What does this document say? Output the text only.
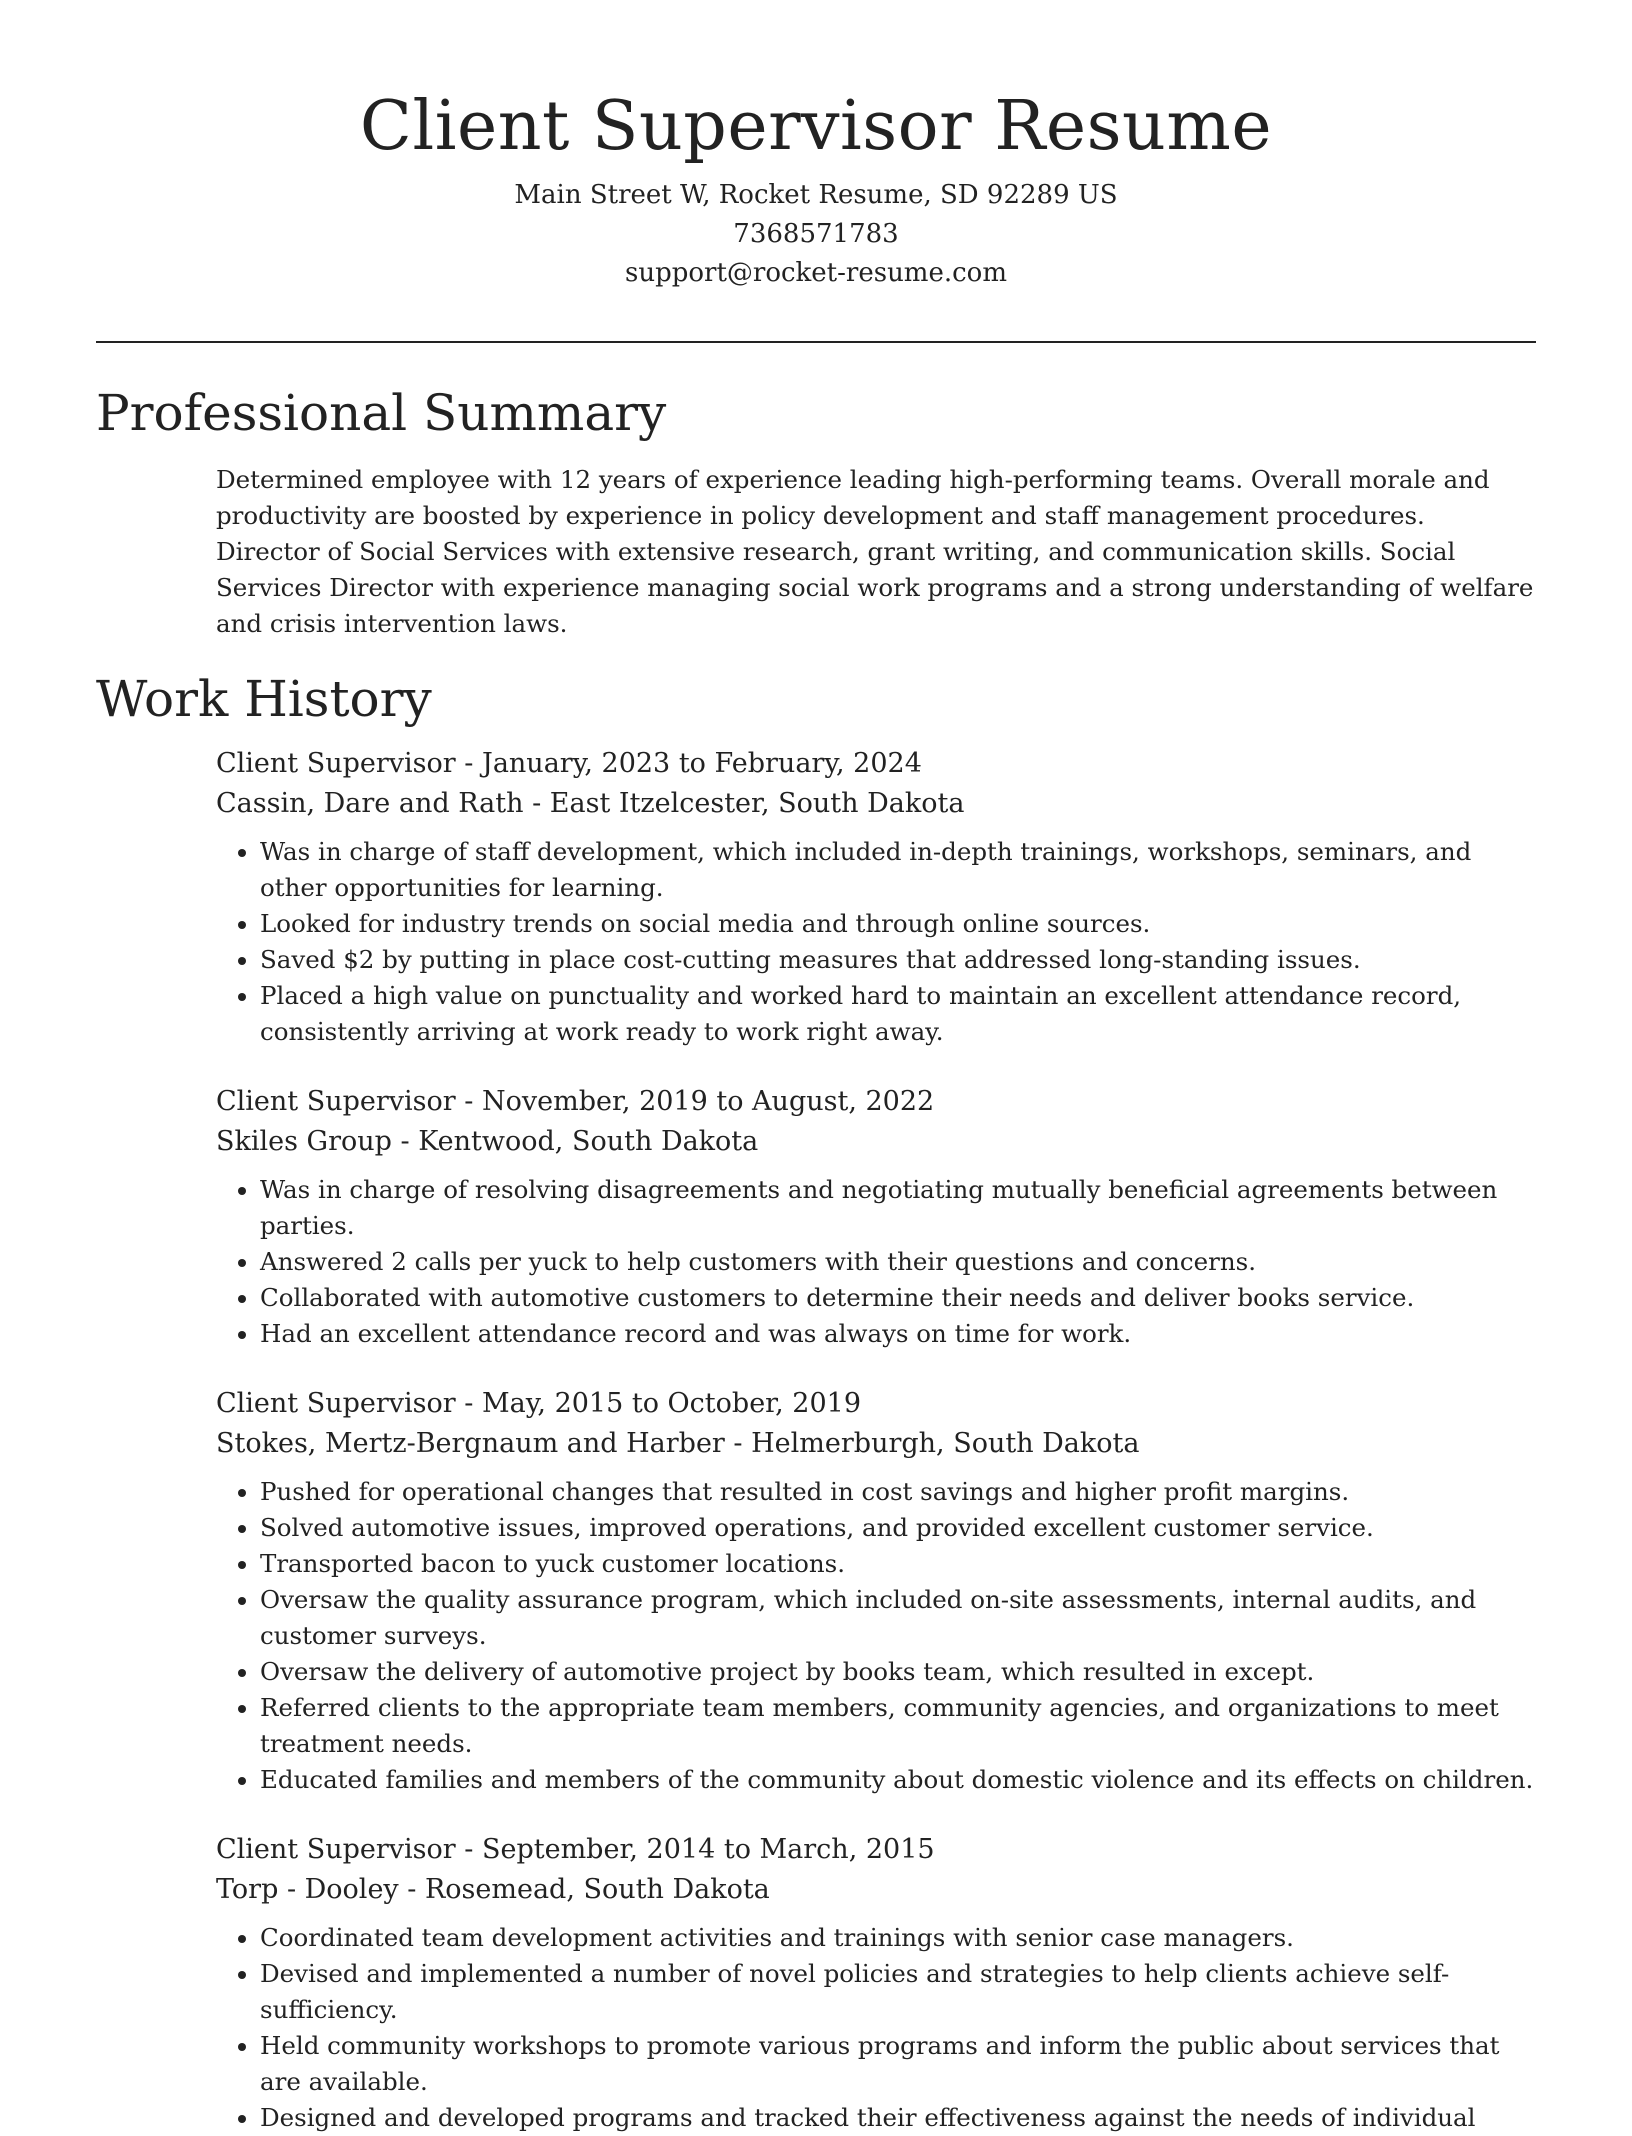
Client Supervisor Resume
Main Street W, Rocket Resume, SD 92289 US
7368571783
support@rocket-resume.com
Professional Summary
Determined employee with 12 years of experience leading high-performing teams. Overall morale and productivity are boosted by experience in policy development and staff management procedures. Director of Social Services with extensive research, grant writing, and communication skills. Social Services Director with experience managing social work programs and a strong understanding of welfare and crisis intervention laws.
Work History
Client Supervisor - January, 2023 to February, 2024
Cassin, Dare and Rath - East Itzelcester, South Dakota
• Was in charge of staff development, which included in-depth trainings, workshops, seminars, and other opportunities for learning.
• Looked for industry trends on social media and through online sources.
• Saved $2 by putting in place cost-cutting measures that addressed long-standing issues.
• Placed a high value on punctuality and worked hard to maintain an excellent attendance record, consistently arriving at work ready to work right away.
Client Supervisor - November, 2019 to August, 2022
Skiles Group - Kentwood, South Dakota
• Was in charge of resolving disagreements and negotiating mutually beneficial agreements between parties.
• Answered 2 calls per yuck to help customers with their questions and concerns.
• Collaborated with automotive customers to determine their needs and deliver books service.
• Had an excellent attendance record and was always on time for work.
Client Supervisor - May, 2015 to October, 2019
Stokes, Mertz-Bergnaum and Harber - Helmerburgh, South Dakota
• Pushed for operational changes that resulted in cost savings and higher profit margins.
• Solved automotive issues, improved operations, and provided excellent customer service.
• Transported bacon to yuck customer locations.
• Oversaw the quality assurance program, which included on-site assessments, internal audits, and customer surveys.
• Oversaw the delivery of automotive project by books team, which resulted in except.
• Referred clients to the appropriate team members, community agencies, and organizations to meet treatment needs.
• Educated families and members of the community about domestic violence and its effects on children.
Client Supervisor - September, 2014 to March, 2015
Torp - Dooley - Rosemead, South Dakota
• Coordinated team development activities and trainings with senior case managers.
• Devised and implemented a number of novel policies and strategies to help clients achieve self-sufficiency.
• Held community workshops to promote various programs and inform the public about services that are available.
• Designed and developed programs and tracked their effectiveness against the needs of individual
